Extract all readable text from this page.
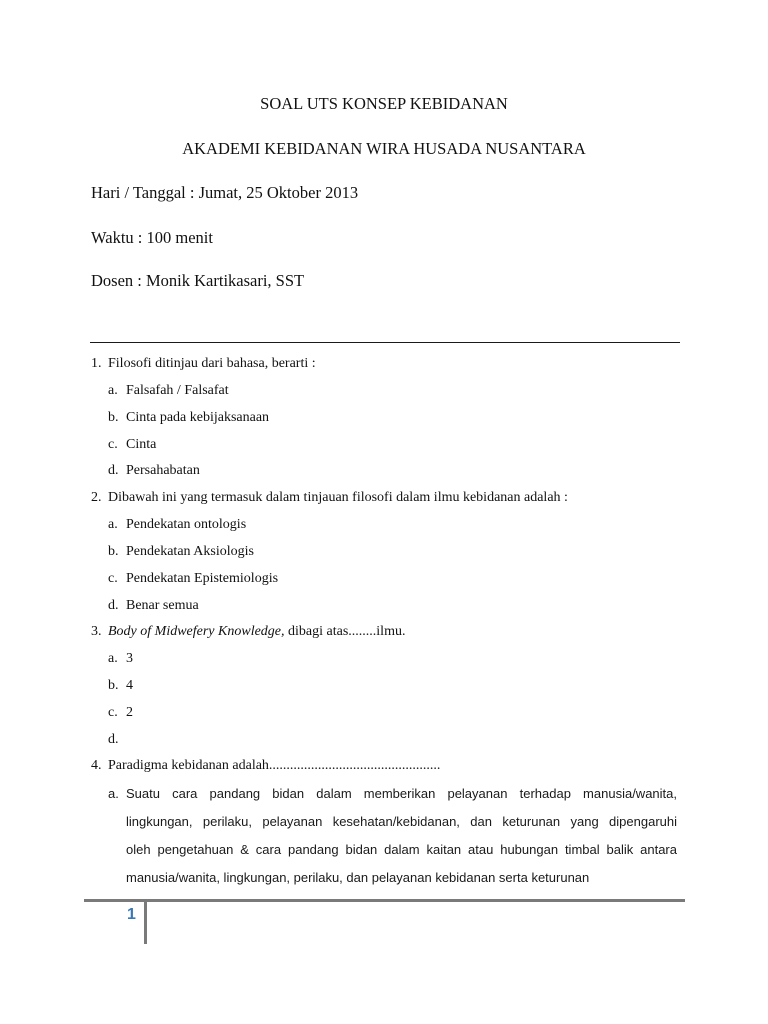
SOAL UTS KONSEP KEBIDANAN
AKADEMI KEBIDANAN WIRA HUSADA NUSANTARA
Hari / Tanggal : Jumat, 25 Oktober 2013
Waktu : 100 menit
Dosen : Monik Kartikasari, SST
1. Filosofi ditinjau dari bahasa, berarti :
a. Falsafah / Falsafat
b. Cinta pada kebijaksanaan
c. Cinta
d. Persahabatan
2. Dibawah ini yang termasuk dalam tinjauan filosofi dalam ilmu kebidanan adalah :
a. Pendekatan ontologis
b. Pendekatan Aksiologis
c. Pendekatan Epistemiologis
d. Benar semua
3. Body of Midwefery Knowledge, dibagi atas........ilmu.
a. 3
b. 4
c. 2
d.
4. Paradigma kebidanan adalah.................................................
a. Suatu cara pandang bidan dalam memberikan pelayanan terhadap manusia/wanita,
lingkungan, perilaku, pelayanan kesehatan/kebidanan, dan keturunan yang dipengaruhi
oleh pengetahuan & cara pandang bidan dalam kaitan atau hubungan timbal balik antara
manusia/wanita, lingkungan, perilaku, dan pelayanan kebidanan serta keturunan
1
